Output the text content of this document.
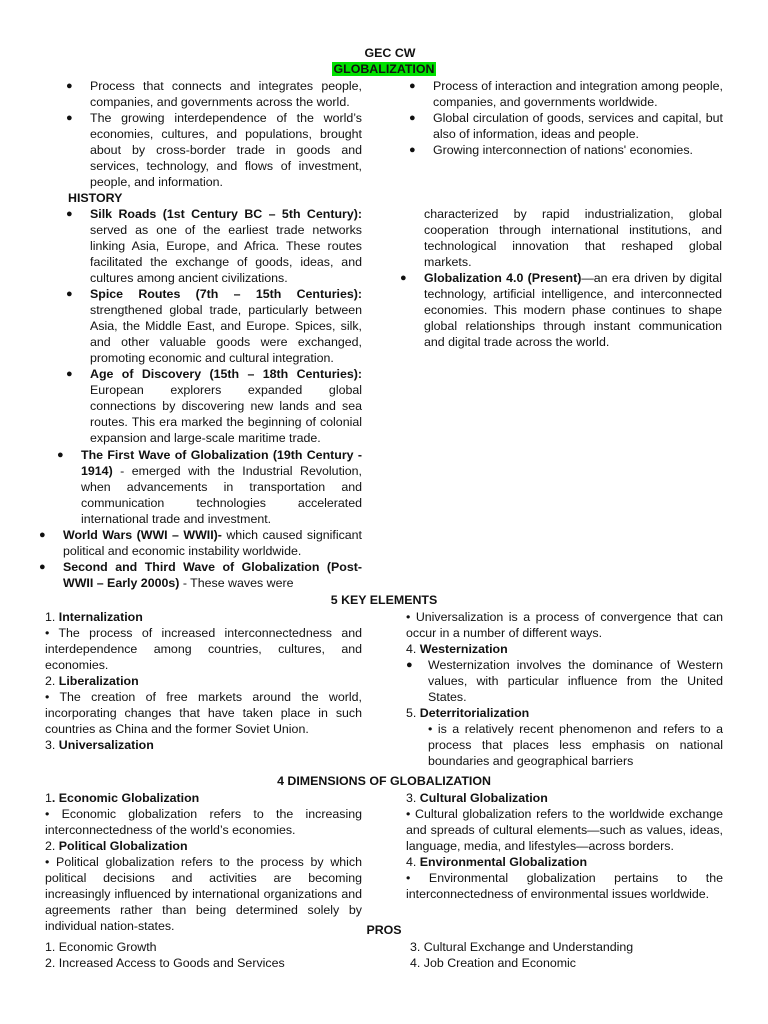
GEC CW
GLOBALIZATION
● Process that connects and integrates people, companies, and governments across the world.
● The growing interdependence of the world’s economies, cultures, and populations, brought about by cross-border trade in goods and services, technology, and flows of investment, people, and information.
● Process of interaction and integration among people, companies, and governments worldwide.
● Global circulation of goods, services and capital, but also of information, ideas and people.
● Growing interconnection of nations' economies.
HISTORY
● Silk Roads (1st Century BC – 5th Century): served as one of the earliest trade networks linking Asia, Europe, and Africa. These routes facilitated the exchange of goods, ideas, and cultures among ancient civilizations.
● Spice Routes (7th – 15th Centuries): strengthened global trade, particularly between Asia, the Middle East, and Europe. Spices, silk, and other valuable goods were exchanged, promoting economic and cultural integration.
● Age of Discovery (15th – 18th Centuries): European explorers expanded global connections by discovering new lands and sea routes. This era marked the beginning of colonial expansion and large-scale maritime trade.
● The First Wave of Globalization (19th Century - 1914) - emerged with the Industrial Revolution, when advancements in transportation and communication technologies accelerated international trade and investment.
● World Wars (WWI – WWII)- which caused significant political and economic instability worldwide.
● Second and Third Wave of Globalization (Post-WWII – Early 2000s) - These waves were
characterized by rapid industrialization, global cooperation through international institutions, and technological innovation that reshaped global markets.
● Globalization 4.0 (Present)—an era driven by digital technology, artificial intelligence, and interconnected economies. This modern phase continues to shape global relationships through instant communication and digital trade across the world.
5 KEY ELEMENTS
1. Internalization
• The process of increased interconnectedness and interdependence among countries, cultures, and economies.
2. Liberalization
• The creation of free markets around the world, incorporating changes that have taken place in such countries as China and the former Soviet Union.
3. Universalization
• Universalization is a process of convergence that can occur in a number of different ways.
4. Westernization
● Westernization involves the dominance of Western values, with particular influence from the United States.
5. Deterritorialization
• is a relatively recent phenomenon and refers to a process that places less emphasis on national boundaries and geographical barriers
4 DIMENSIONS OF GLOBALIZATION
1. Economic Globalization
• Economic globalization refers to the increasing interconnectedness of the world’s economies.
2. Political Globalization
• Political globalization refers to the process by which political decisions and activities are becoming increasingly influenced by international organizations and agreements rather than being determined solely by individual nation-states.
3. Cultural Globalization
• Cultural globalization refers to the worldwide exchange and spreads of cultural elements—such as values, ideas, language, media, and lifestyles—across borders.
4. Environmental Globalization
• Environmental globalization pertains to the interconnectedness of environmental issues worldwide.
PROS
1. Economic Growth
2. Increased Access to Goods and Services
3. Cultural Exchange and Understanding
4. Job Creation and Economic
